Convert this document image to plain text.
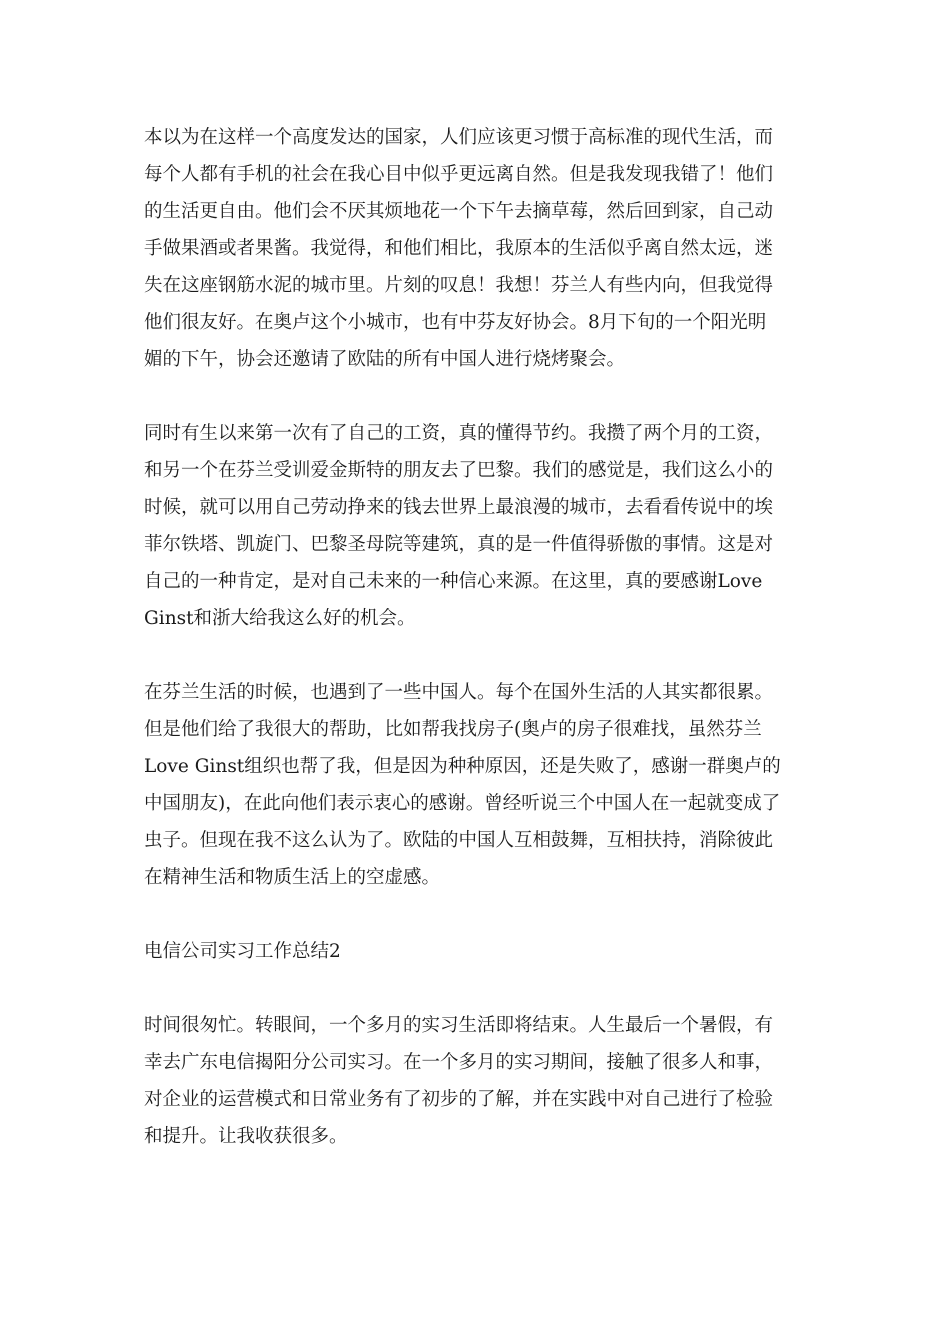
本以为在这样一个高度发达的国家，人们应该更习惯于高标准的现代生活，而
每个人都有手机的社会在我心目中似乎更远离自然。但是我发现我错了！他们
的生活更自由。他们会不厌其烦地花一个下午去摘草莓，然后回到家，自己动
手做果酒或者果酱。我觉得，和他们相比，我原本的生活似乎离自然太远，迷
失在这座钢筋水泥的城市里。片刻的叹息！我想！芬兰人有些内向，但我觉得
他们很友好。在奥卢这个小城市，也有中芬友好协会。8月下旬的一个阳光明
媚的下午，协会还邀请了欧陆的所有中国人进行烧烤聚会。

同时有生以来第一次有了自己的工资，真的懂得节约。我攒了两个月的工资，
和另一个在芬兰受训爱金斯特的朋友去了巴黎。我们的感觉是，我们这么小的
时候，就可以用自己劳动挣来的钱去世界上最浪漫的城市，去看看传说中的埃
菲尔铁塔、凯旋门、巴黎圣母院等建筑，真的是一件值得骄傲的事情。这是对
自己的一种肯定，是对自己未来的一种信心来源。在这里，真的要感谢Love
Ginst和浙大给我这么好的机会。

在芬兰生活的时候，也遇到了一些中国人。每个在国外生活的人其实都很累。
但是他们给了我很大的帮助，比如帮我找房子(奥卢的房子很难找，虽然芬兰
Love Ginst组织也帮了我，但是因为种种原因，还是失败了，感谢一群奥卢的
中国朋友)，在此向他们表示衷心的感谢。曾经听说三个中国人在一起就变成了
虫子。但现在我不这么认为了。欧陆的中国人互相鼓舞，互相扶持，消除彼此
在精神生活和物质生活上的空虚感。

电信公司实习工作总结2

时间很匆忙。转眼间，一个多月的实习生活即将结束。人生最后一个暑假，有
幸去广东电信揭阳分公司实习。在一个多月的实习期间，接触了很多人和事，
对企业的运营模式和日常业务有了初步的了解，并在实践中对自己进行了检验
和提升。让我收获很多。
